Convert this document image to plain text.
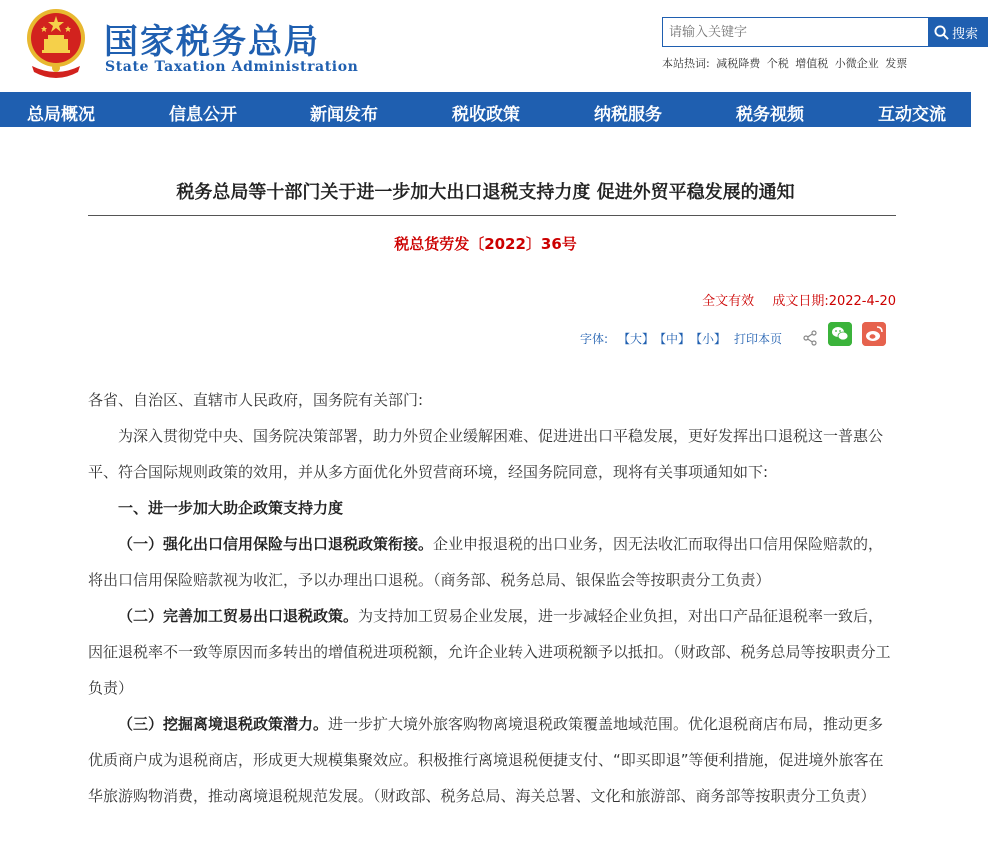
国家税务总局
State Taxation Administration
请输入关键字
搜索
本站热词: 减税降费 个税 增值税 小微企业 发票
总局概况	信息公开	新闻发布	税收政策	纳税服务	税务视频	互动交流
税务总局等十部门关于进一步加大出口退税支持力度 促进外贸平稳发展的通知
税总货劳发〔2022〕36号
全文有效 成文日期:2022-4-20
字体: 【大】 【中】 【小】 打印本页

各省、自治区、直辖市人民政府，国务院有关部门:

为深入贯彻党中央、国务院决策部署，助力外贸企业缓解困难、促进进出口平稳发展，更好发挥出口退税这一普惠公平、符合国际规则政策的效用，并从多方面优化外贸营商环境，经国务院同意，现将有关事项通知如下:

一、进一步加大助企政策支持力度

（一）强化出口信用保险与出口退税政策衔接。企业申报退税的出口业务，因无法收汇而取得出口信用保险赔款的，将出口信用保险赔款视为收汇，予以办理出口退税。（商务部、税务总局、银保监会等按职责分工负责）

（二）完善加工贸易出口退税政策。为支持加工贸易企业发展，进一步减轻企业负担，对出口产品征退税率一致后，因征退税率不一致等原因而多转出的增值税进项税额，允许企业转入进项税额予以抵扣。（财政部、税务总局等按职责分工负责）

（三）挖掘离境退税政策潜力。进一步扩大境外旅客购物离境退税政策覆盖地域范围。优化退税商店布局，推动更多优质商户成为退税商店，形成更大规模集聚效应。积极推行离境退税便捷支付、“即买即退”等便利措施，促进境外旅客在华旅游购物消费，推动离境退税规范发展。（财政部、税务总局、海关总署、文化和旅游部、商务部等按职责分工负责）
